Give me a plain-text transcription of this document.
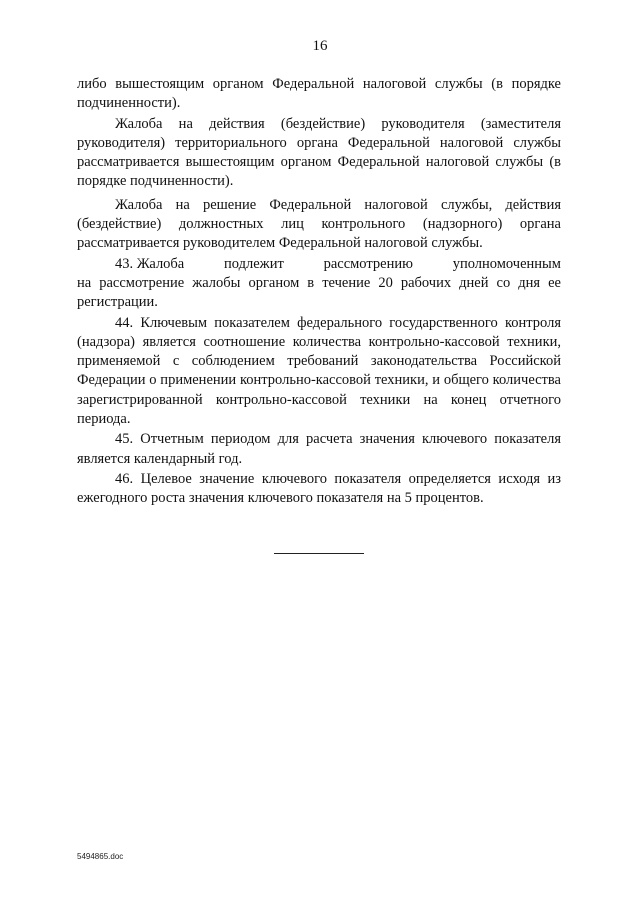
16

либо вышестоящим органом Федеральной налоговой службы (в порядке подчиненности).

Жалоба на действия (бездействие) руководителя (заместителя руководителя) территориального органа Федеральной налоговой службы рассматривается вышестоящим органом Федеральной налоговой службы (в порядке подчиненности).

Жалоба на решение Федеральной налоговой службы, действия (бездействие) должностных лиц контрольного (надзорного) органа рассматривается руководителем Федеральной налоговой службы.

43. Жалоба	подлежит	рассмотрению	уполномоченным
на рассмотрение жалобы органом в течение 20 рабочих дней со дня ее регистрации.

44. Ключевым показателем федерального государственного контроля (надзора) является соотношение количества контрольно-кассовой техники, применяемой с соблюдением требований законодательства Российской Федерации о применении контрольно-кассовой техники, и общего количества зарегистрированной контрольно-кассовой техники на конец отчетного периода.

45. Отчетным периодом для расчета значения ключевого показателя является календарный год.

46. Целевое значение ключевого показателя определяется исходя из ежегодного роста значения ключевого показателя на 5 процентов.

5494865.doc
